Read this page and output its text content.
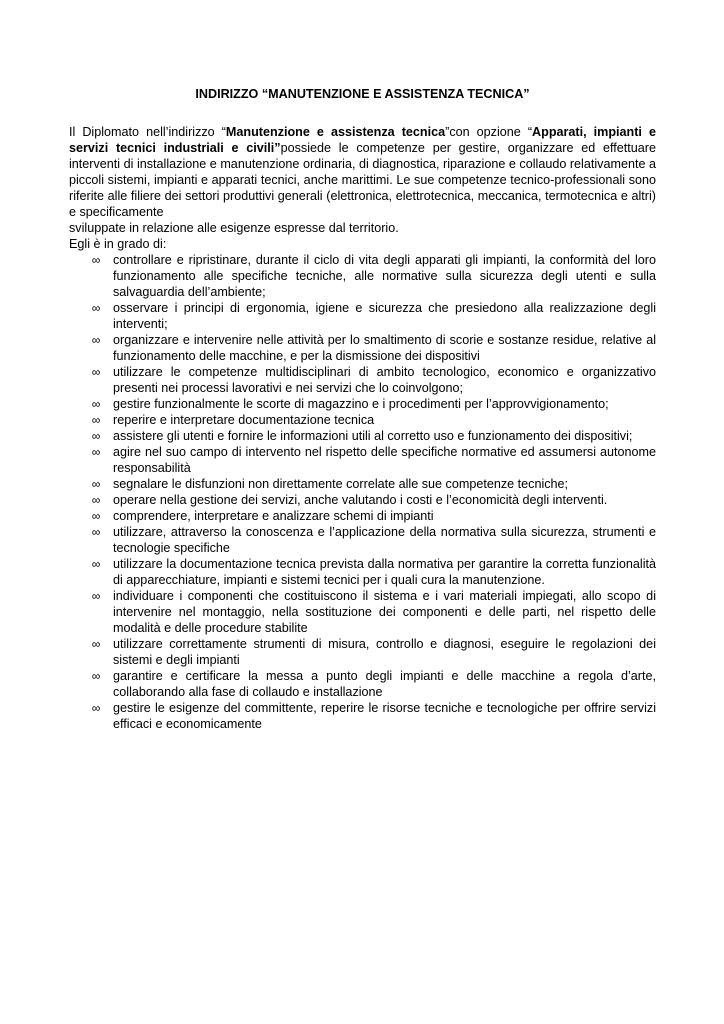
INDIRIZZO “MANUTENZIONE E ASSISTENZA TECNICA”

Il Diplomato nell’indirizzo “Manutenzione e assistenza tecnica”con opzione “Apparati, impianti e servizi tecnici industriali e civili”possiede le competenze per gestire, organizzare ed effettuare interventi di installazione e manutenzione ordinaria, di diagnostica, riparazione e collaudo relativamente a piccoli sistemi, impianti e apparati tecnici, anche marittimi. Le sue competenze tecnico-professionali sono riferite alle filiere dei settori produttivi generali (elettronica, elettrotecnica, meccanica, termotecnica e altri) e specificamente

sviluppate in relazione alle esigenze espresse dal territorio.

Egli è in grado di:

∞ controllare e ripristinare, durante il ciclo di vita degli apparati gli impianti, la conformità del loro funzionamento alle specifiche tecniche, alle normative sulla sicurezza degli utenti e sulla salvaguardia dell’ambiente;
∞ osservare i principi di ergonomia, igiene e sicurezza che presiedono alla realizzazione degli interventi;
∞ organizzare e intervenire nelle attività per lo smaltimento di scorie e sostanze residue, relative al funzionamento delle macchine, e per la dismissione dei dispositivi
∞ utilizzare le competenze multidisciplinari di ambito tecnologico, economico e organizzativo presenti nei processi lavorativi e nei servizi che lo coinvolgono;
∞ gestire funzionalmente le scorte di magazzino e i procedimenti per l’approvvigionamento;
∞ reperire e interpretare documentazione tecnica
∞ assistere gli utenti e fornire le informazioni utili al corretto uso e funzionamento dei dispositivi;
∞ agire nel suo campo di intervento nel rispetto delle specifiche normative ed assumersi autonome responsabilità
∞ segnalare le disfunzioni non direttamente correlate alle sue competenze tecniche;
∞ operare nella gestione dei servizi, anche valutando i costi e l’economicità degli interventi.
∞ comprendere, interpretare e analizzare schemi di impianti
∞ utilizzare, attraverso la conoscenza e l’applicazione della normativa sulla sicurezza, strumenti e tecnologie specifiche
∞ utilizzare la documentazione tecnica prevista dalla normativa per garantire la corretta funzionalità di apparecchiature, impianti e sistemi tecnici per i quali cura la manutenzione.
∞ individuare i componenti che costituiscono il sistema e i vari materiali impiegati, allo scopo di intervenire nel montaggio, nella sostituzione dei componenti e delle parti, nel rispetto delle modalità e delle procedure stabilite
∞ utilizzare correttamente strumenti di misura, controllo e diagnosi, eseguire le regolazioni dei sistemi e degli impianti
∞ garantire e certificare la messa a punto degli impianti e delle macchine a regola d’arte, collaborando alla fase di collaudo e installazione
∞ gestire le esigenze del committente, reperire le risorse tecniche e tecnologiche per offrire servizi efficaci e economicamente
